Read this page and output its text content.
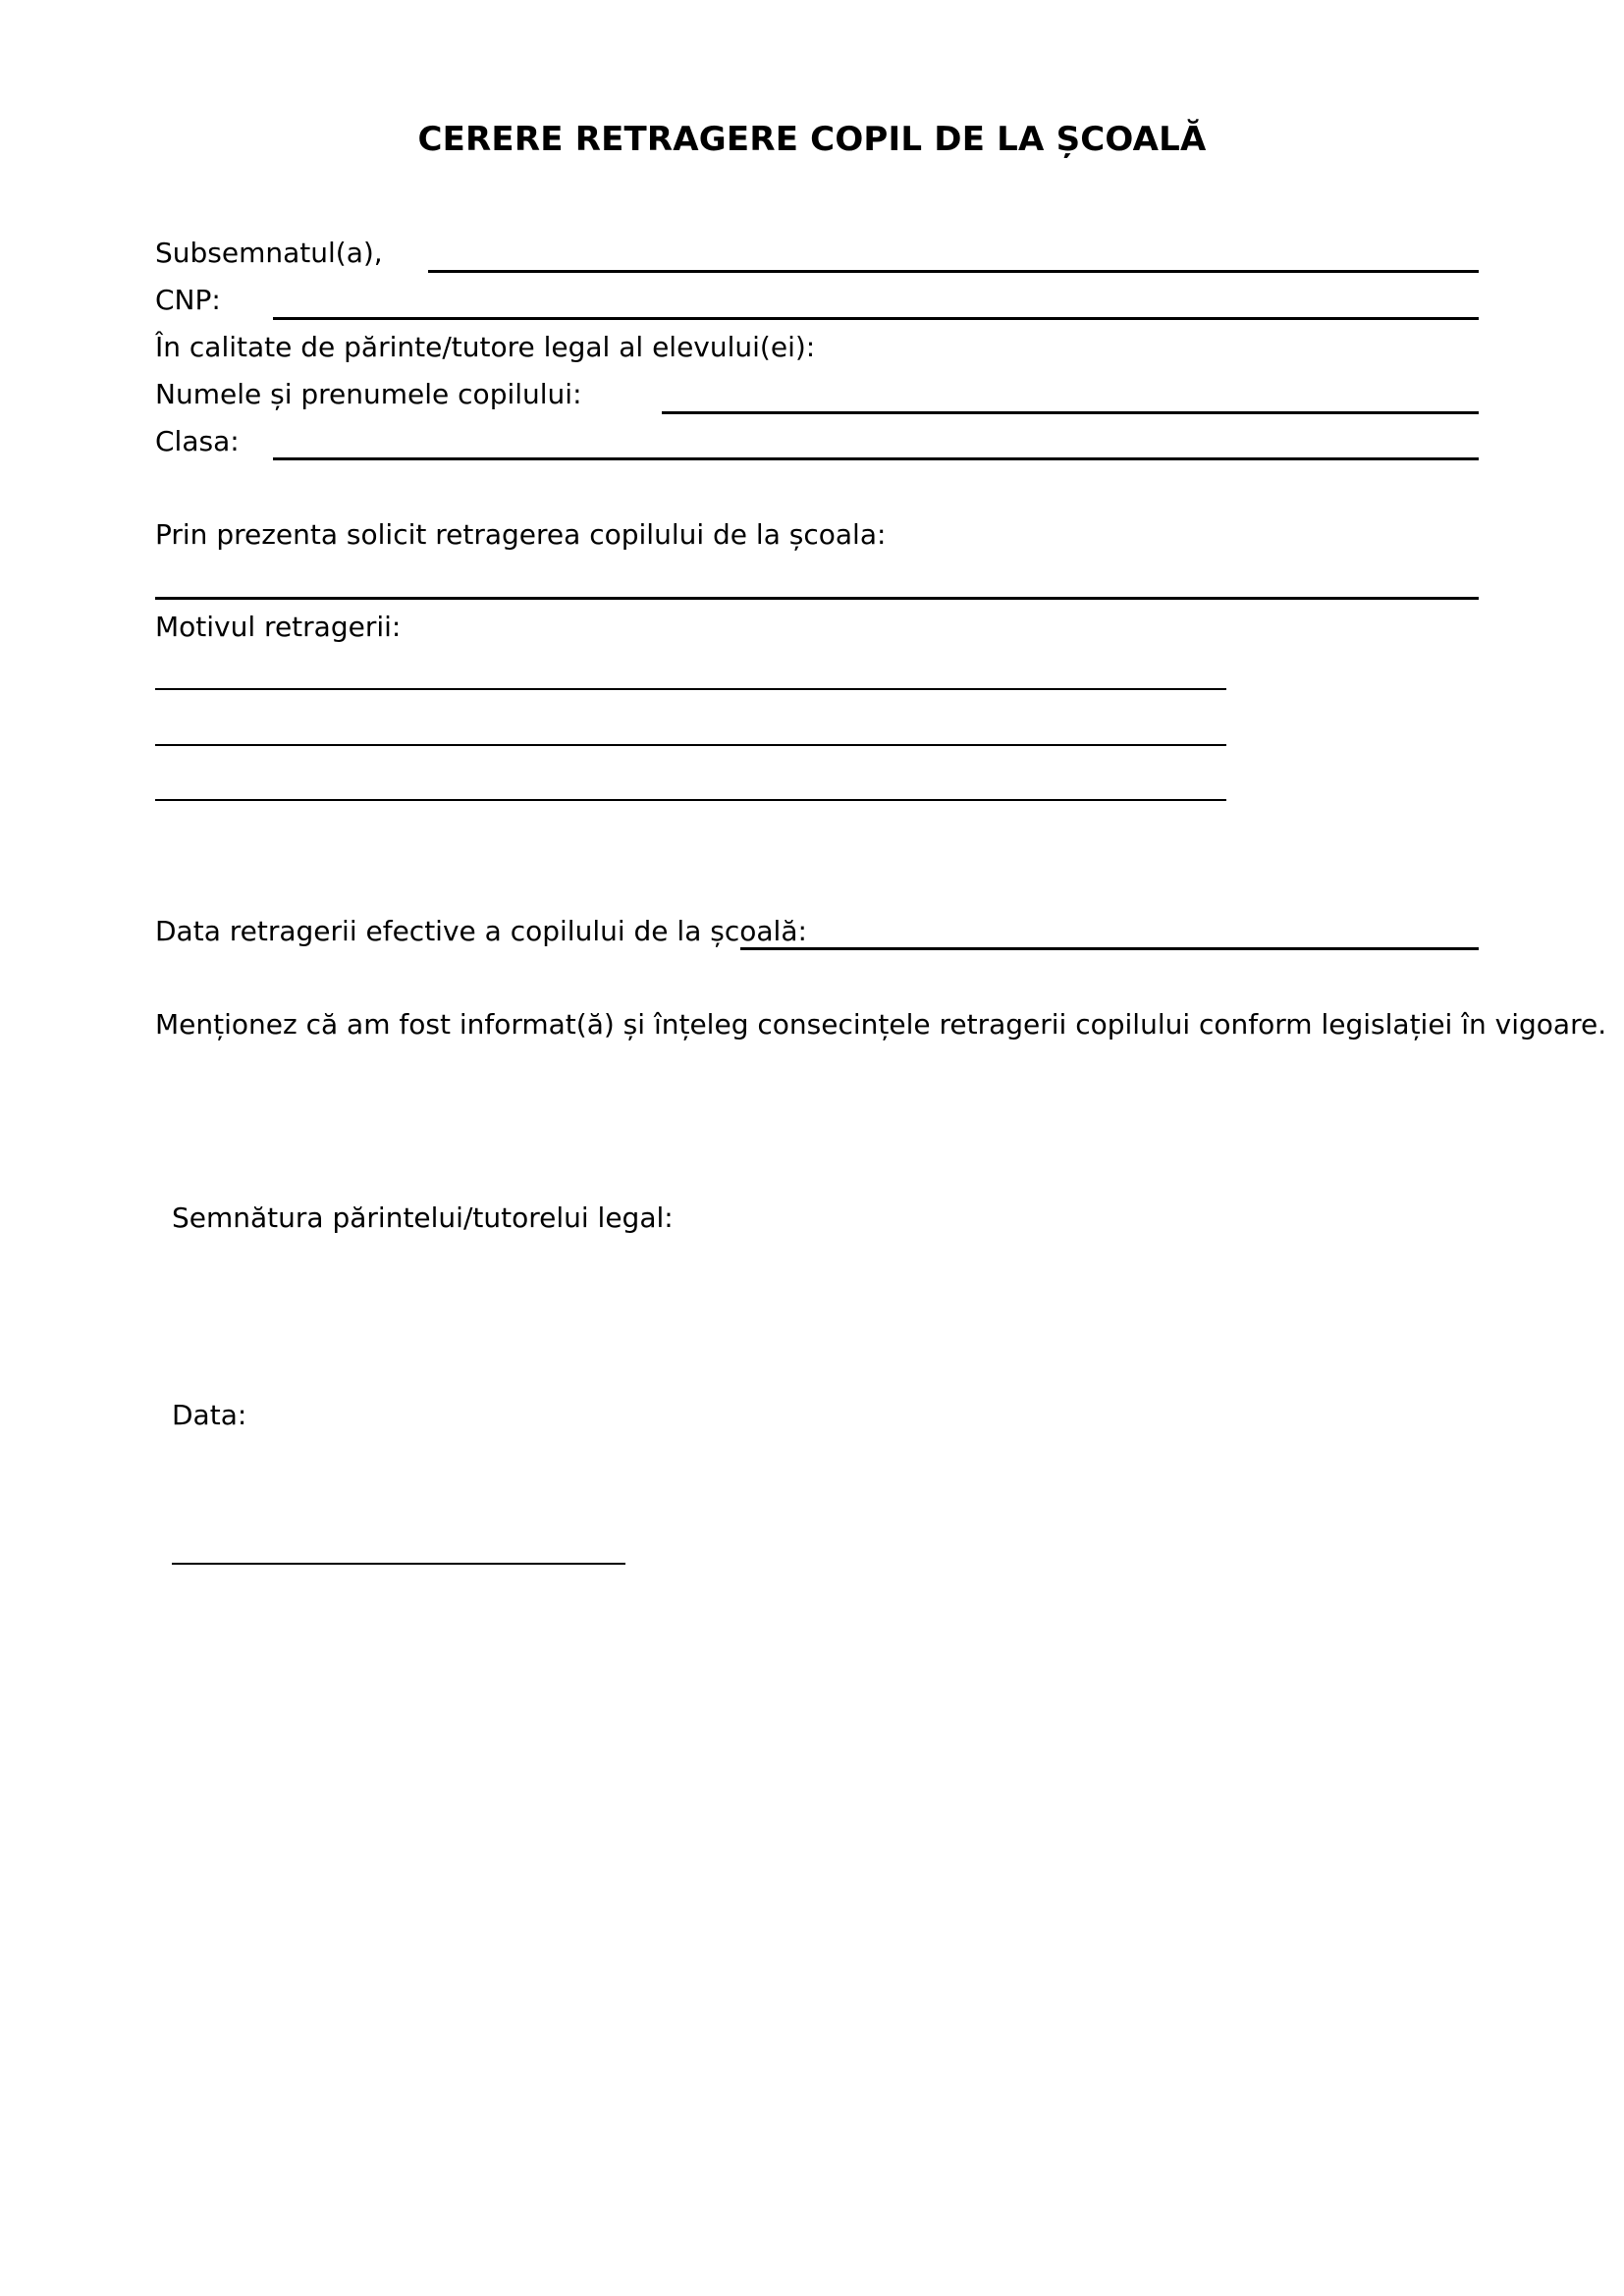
CERERE RETRAGERE COPIL DE LA ȘCOALĂ
Subsemnatul(a),
CNP:
În calitate de părinte/tutore legal al elevului(ei):
Numele și prenumele copilului:
Clasa:
Prin prezenta solicit retragerea copilului de la școala:
Motivul retragerii:
Data retragerii efective a copilului de la școală:
Menționez că am fost informat(ă) și înțeleg consecințele retragerii copilului conform legislației în vigoare.
Semnătura părintelui/tutorelui legal:
Data:
